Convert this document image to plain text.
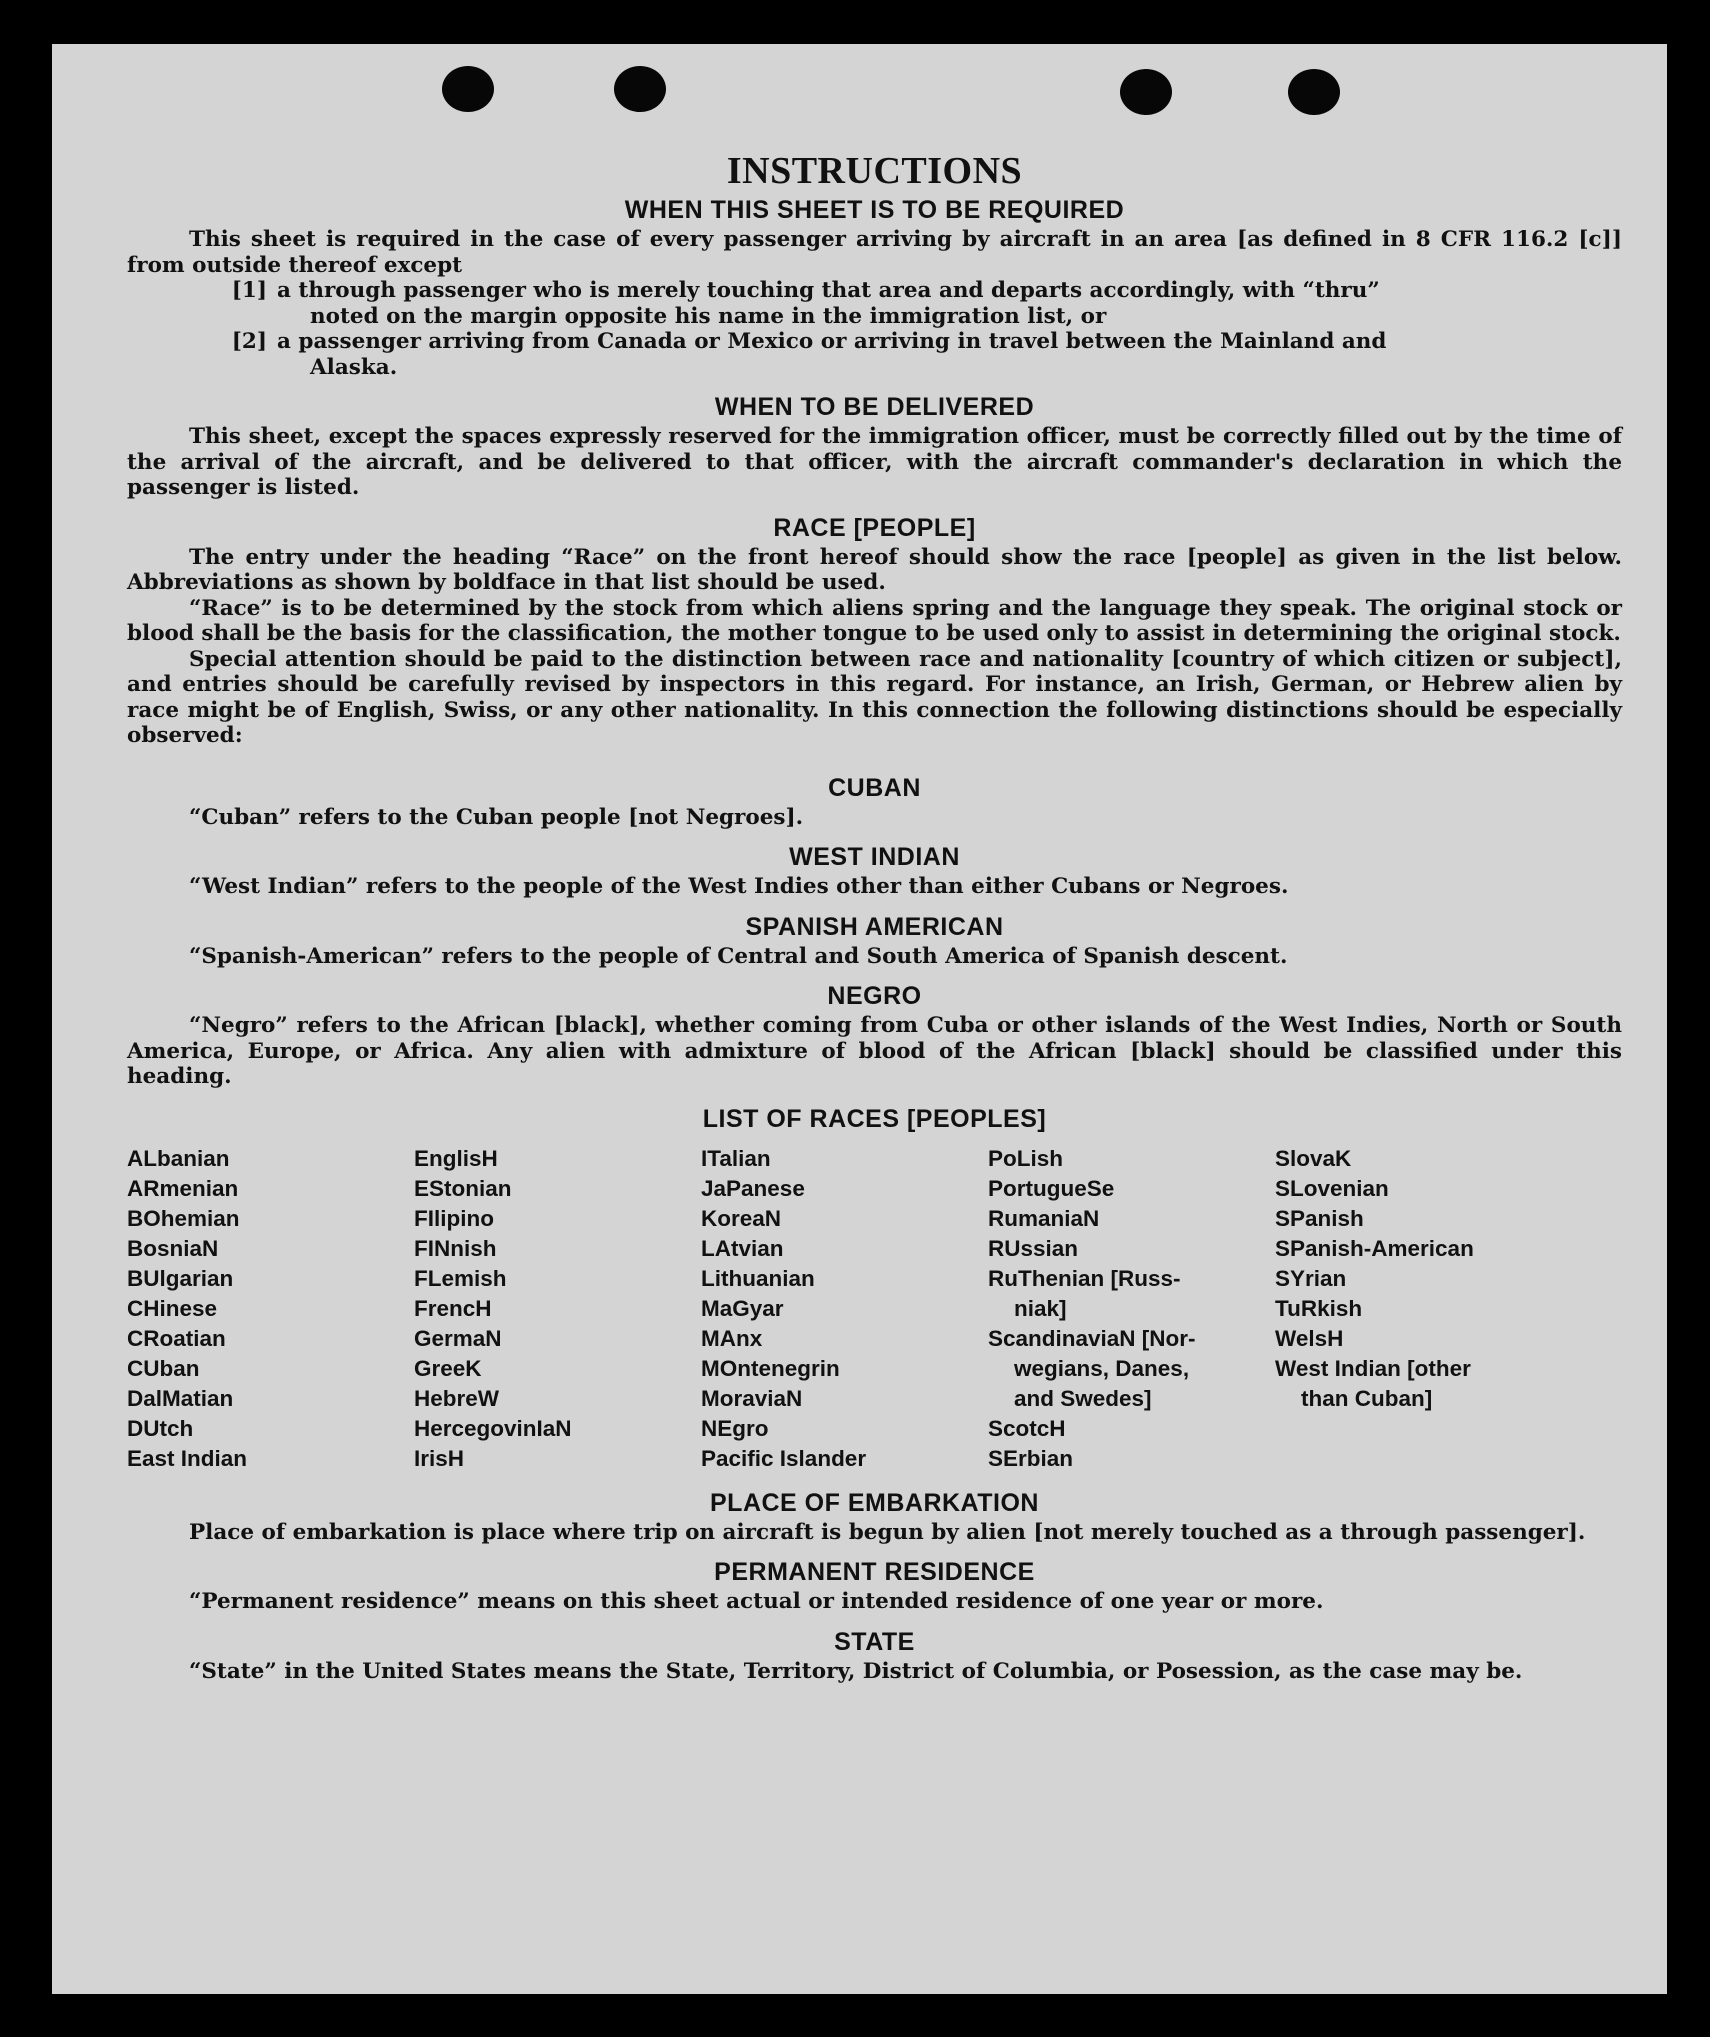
INSTRUCTIONS
WHEN THIS SHEET IS TO BE REQUIRED

This sheet is required in the case of every passenger arriving by aircraft in an area [as defined in 8 CFR 116.2 [c]] from outside thereof except

[1] a through passenger who is merely touching that area and departs accordingly, with “thru”
noted on the margin opposite his name in the immigration list, or
[2] a passenger arriving from Canada or Mexico or arriving in travel between the Mainland and
Alaska.
WHEN TO BE DELIVERED

This sheet, except the spaces expressly reserved for the immigration officer, must be correctly filled out by the time of the arrival of the aircraft, and be delivered to that officer, with the aircraft commander's declaration in which the passenger is listed.

RACE [PEOPLE]

The entry under the heading “Race” on the front hereof should show the race [people] as given in the list below. Abbreviations as shown by boldface in that list should be used.

“Race” is to be determined by the stock from which aliens spring and the language they speak. The original stock or blood shall be the basis for the classification, the mother tongue to be used only to assist in determining the original stock.

Special attention should be paid to the distinction between race and nationality [country of which citizen or subject], and entries should be carefully revised by inspectors in this regard. For instance, an Irish, German, or Hebrew alien by race might be of English, Swiss, or any other nationality. In this connection the following distinctions should be especially observed:

CUBAN

“Cuban” refers to the Cuban people [not Negroes].

WEST INDIAN

“West Indian” refers to the people of the West Indies other than either Cubans or Negroes.

SPANISH AMERICAN

“Spanish-American” refers to the people of Central and South America of Spanish descent.

NEGRO

“Negro” refers to the African [black], whether coming from Cuba or other islands of the West Indies, North or South America, Europe, or Africa. Any alien with admixture of blood of the African [black] should be classified under this heading.

LIST OF RACES [PEOPLES]
ALbanian
ARmenian
BOhemian
BosniaN
BUlgarian
CHinese
CRoatian
CUban
DalMatian
DUtch
East Indian
EnglisH
EStonian
FIlipino
FINnish
FLemish
FrencH
GermaN
GreeK
HebreW
HercegovinIaN
IrisH
ITalian
JaPanese
KoreaN
LAtvian
Lithuanian
MaGyar
MAnx
MOntenegrin
MoraviaN
NEgro
Pacific Islander
PoLish
PortugueSe
RumaniaN
RUssian
RuThenian [Russ-
niak]
ScandinaviaN [Nor-
wegians, Danes,
and Swedes]
ScotcH
SErbian
SlovaK
SLovenian
SPanish
SPanish-American
SYrian
TuRkish
WelsH
West Indian [other
than Cuban]
PLACE OF EMBARKATION

Place of embarkation is place where trip on aircraft is begun by alien [not merely touched as a through passenger].

PERMANENT RESIDENCE

“Permanent residence” means on this sheet actual or intended residence of one year or more.

STATE

“State” in the United States means the State, Territory, District of Columbia, or Posession, as the case may be.
